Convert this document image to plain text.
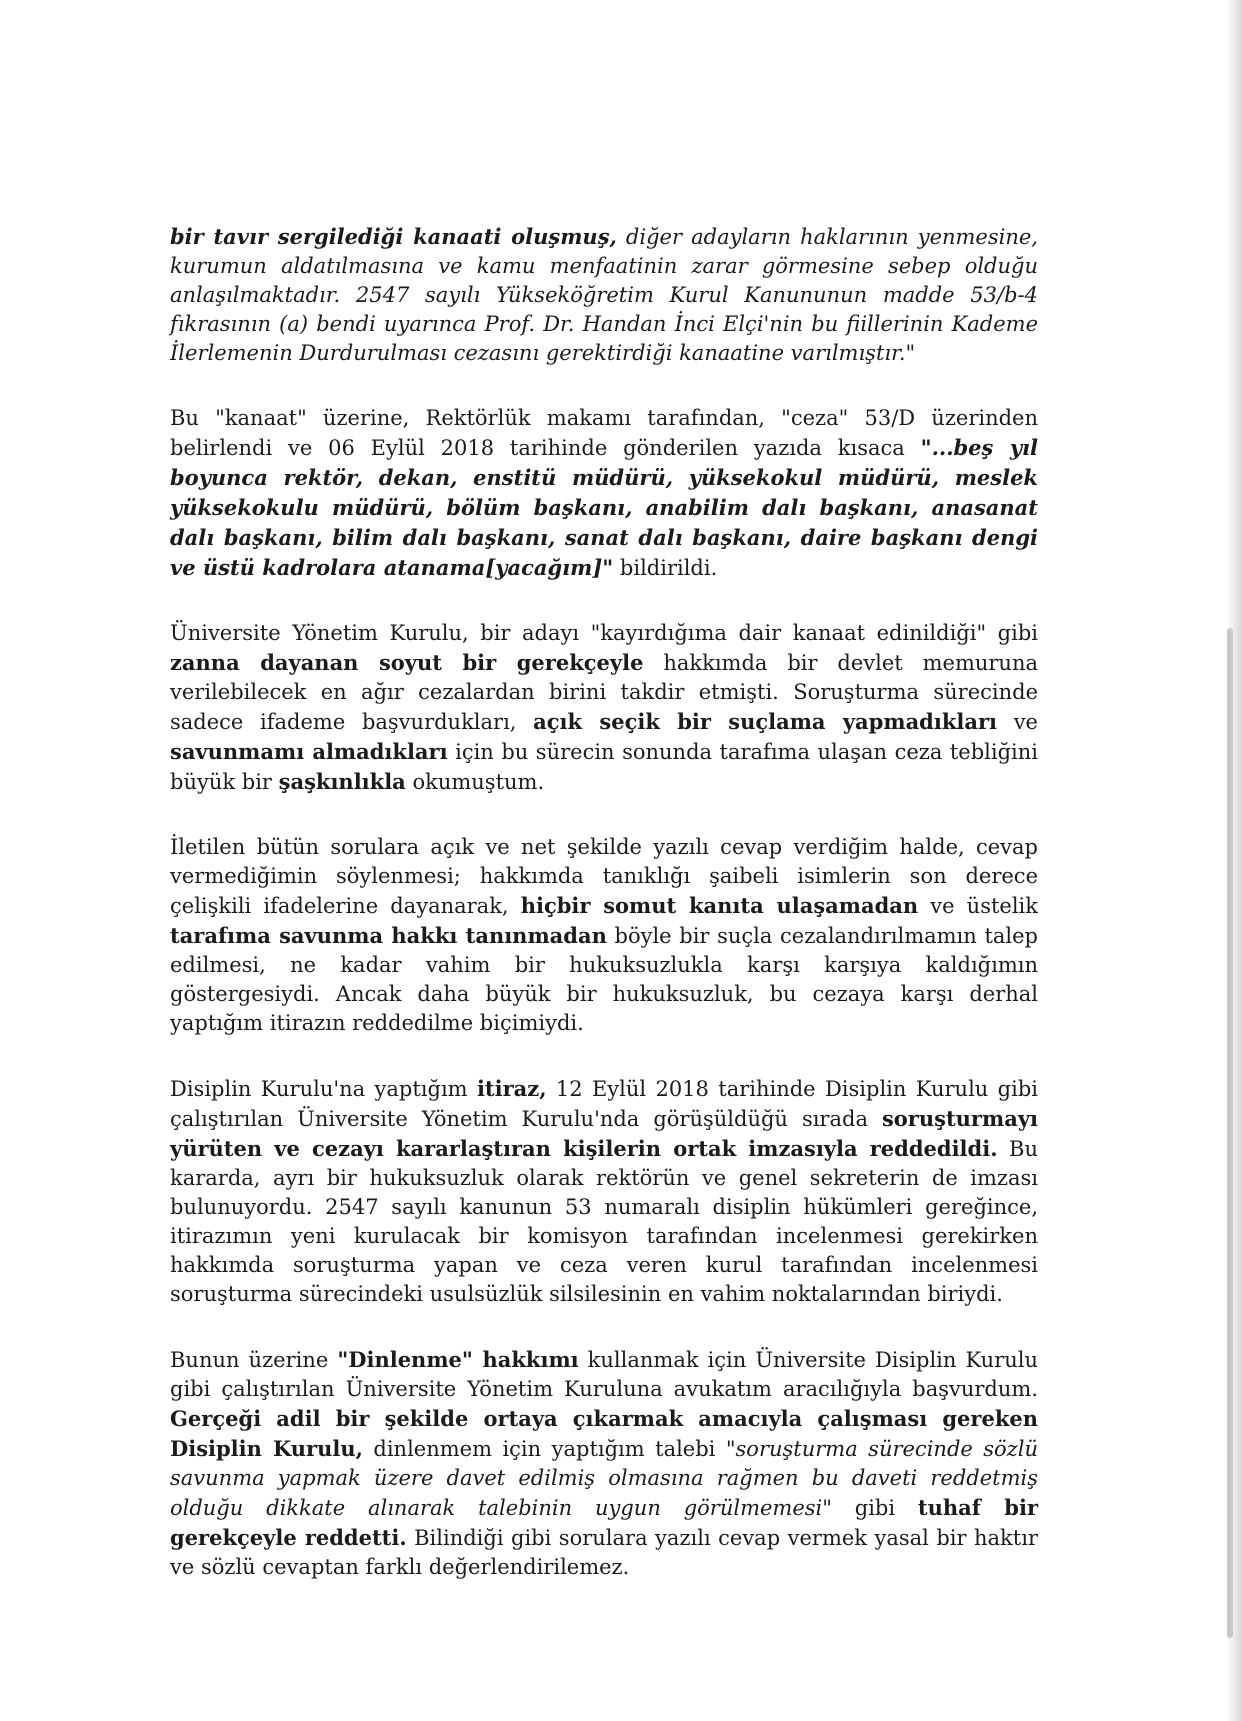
bir tavır sergilediği kanaati oluşmuş, diğer adayların haklarının yenmesine, kurumun aldatılmasına ve kamu menfaatinin zarar görmesine sebep olduğu anlaşılmaktadır. 2547 sayılı Yükseköğretim Kurul Kanununun madde 53/b-4 fıkrasının (a) bendi uyarınca Prof. Dr. Handan İnci Elçi'nin bu fiillerinin Kademe İlerlemenin Durdurulması cezasını gerektirdiği kanaatine varılmıştır."

Bu "kanaat" üzerine, Rektörlük makamı tarafından, "ceza" 53/D üzerinden belirlendi ve 06 Eylül 2018 tarihinde gönderilen yazıda kısaca "...beş yıl boyunca rektör, dekan, enstitü müdürü, yüksekokul müdürü, meslek yüksekokulu müdürü, bölüm başkanı, anabilim dalı başkanı, anasanat dalı başkanı, bilim dalı başkanı, sanat dalı başkanı, daire başkanı dengi ve üstü kadrolara atanama[yacağım]" bildirildi.

Üniversite Yönetim Kurulu, bir adayı "kayırdığıma dair kanaat edinildiği" gibi zanna dayanan soyut bir gerekçeyle hakkımda bir devlet memuruna verilebilecek en ağır cezalardan birini takdir etmişti. Soruşturma sürecinde sadece ifademe başvurdukları, açık seçik bir suçlama yapmadıkları ve savunmamı almadıkları için bu sürecin sonunda tarafıma ulaşan ceza tebliğini büyük bir şaşkınlıkla okumuştum.

İletilen bütün sorulara açık ve net şekilde yazılı cevap verdiğim halde, cevap vermediğimin söylenmesi; hakkımda tanıklığı şaibeli isimlerin son derece çelişkili ifadelerine dayanarak, hiçbir somut kanıta ulaşamadan ve üstelik tarafıma savunma hakkı tanınmadan böyle bir suçla cezalandırılmamın talep edilmesi, ne kadar vahim bir hukuksuzlukla karşı karşıya kaldığımın göstergesiydi. Ancak daha büyük bir hukuksuzluk, bu cezaya karşı derhal yaptığım itirazın reddedilme biçimiydi.

Disiplin Kurulu'na yaptığım itiraz, 12 Eylül 2018 tarihinde Disiplin Kurulu gibi çalıştırılan Üniversite Yönetim Kurulu'nda görüşüldüğü sırada soruşturmayı yürüten ve cezayı kararlaştıran kişilerin ortak imzasıyla reddedildi. Bu kararda, ayrı bir hukuksuzluk olarak rektörün ve genel sekreterin de imzası bulunuyordu. 2547 sayılı kanunun 53 numaralı disiplin hükümleri gereğince, itirazımın yeni kurulacak bir komisyon tarafından incelenmesi gerekirken hakkımda soruşturma yapan ve ceza veren kurul tarafından incelenmesi soruşturma sürecindeki usulsüzlük silsilesinin en vahim noktalarından biriydi.

Bunun üzerine "Dinlenme" hakkımı kullanmak için Üniversite Disiplin Kurulu gibi çalıştırılan Üniversite Yönetim Kuruluna avukatım aracılığıyla başvurdum. Gerçeği adil bir şekilde ortaya çıkarmak amacıyla çalışması gereken Disiplin Kurulu, dinlenmem için yaptığım talebi "soruşturma sürecinde sözlü savunma yapmak üzere davet edilmiş olmasına rağmen bu daveti reddetmiş olduğu dikkate alınarak talebinin uygun görülmemesi" gibi tuhaf bir gerekçeyle reddetti. Bilindiği gibi sorulara yazılı cevap vermek yasal bir haktır ve sözlü cevaptan farklı değerlendirilemez.
